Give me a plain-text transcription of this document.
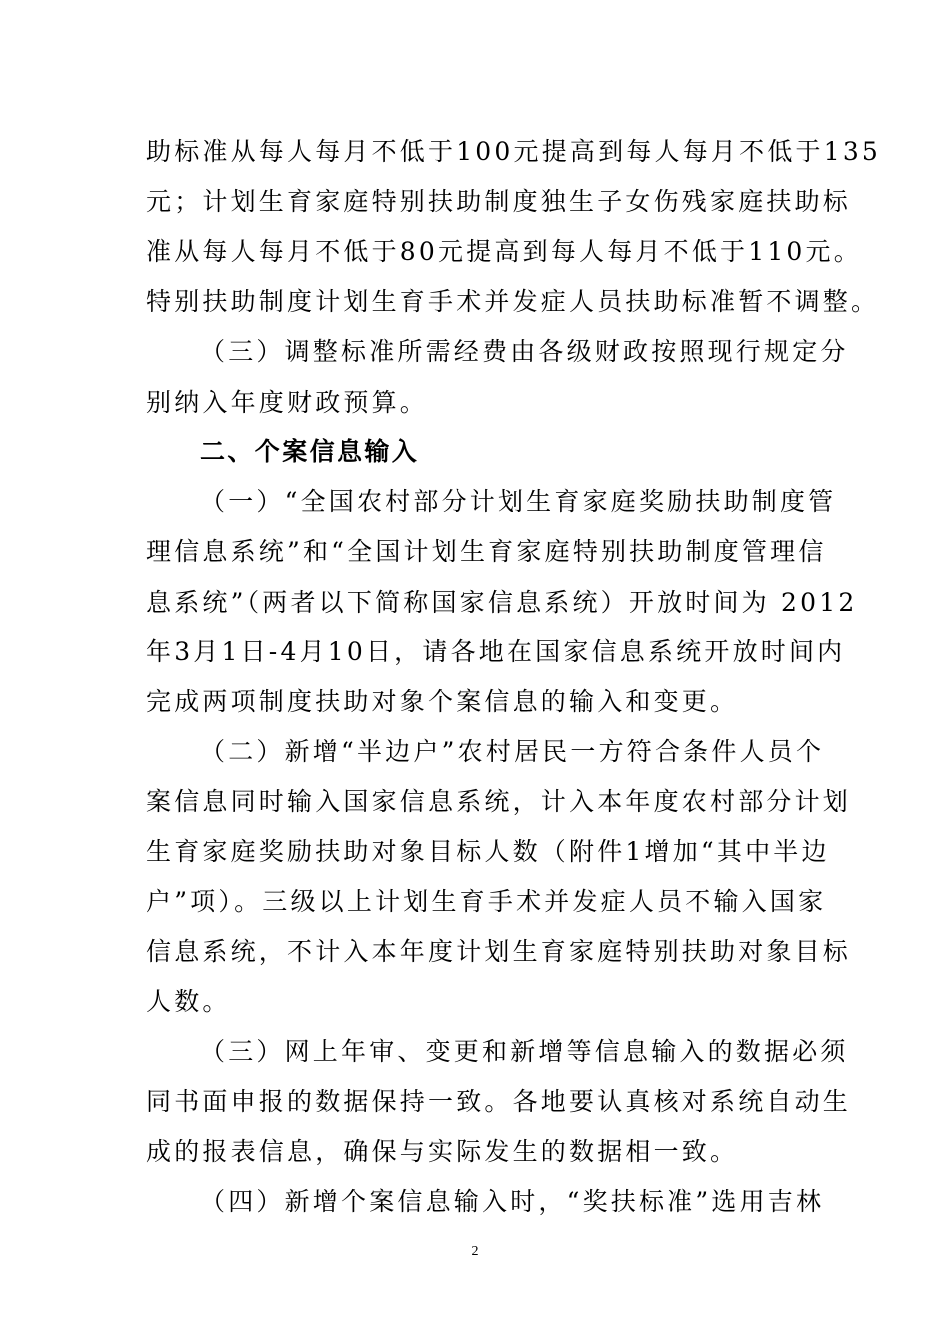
助标准从每人每月不低于100元提高到每人每月不低于135
元；计划生育家庭特别扶助制度独生子女伤残家庭扶助标
准从每人每月不低于80元提高到每人每月不低于110元。
特别扶助制度计划生育手术并发症人员扶助标准暂不调整。
（三）调整标准所需经费由各级财政按照现行规定分
别纳入年度财政预算。
二、个案信息输入
（一）“全国农村部分计划生育家庭奖励扶助制度管
理信息系统”和“全国计划生育家庭特别扶助制度管理信
息系统”（两者以下简称国家信息系统）开放时间为 2012
年3月1日-4月10日，请各地在国家信息系统开放时间内
完成两项制度扶助对象个案信息的输入和变更。
（二）新增“半边户”农村居民一方符合条件人员个
案信息同时输入国家信息系统，计入本年度农村部分计划
生育家庭奖励扶助对象目标人数（附件1增加“其中半边
户”项）。三级以上计划生育手术并发症人员不输入国家
信息系统，不计入本年度计划生育家庭特别扶助对象目标
人数。
（三）网上年审、变更和新增等信息输入的数据必须
同书面申报的数据保持一致。各地要认真核对系统自动生
成的报表信息，确保与实际发生的数据相一致。
（四）新增个案信息输入时，“奖扶标准”选用吉林
2
